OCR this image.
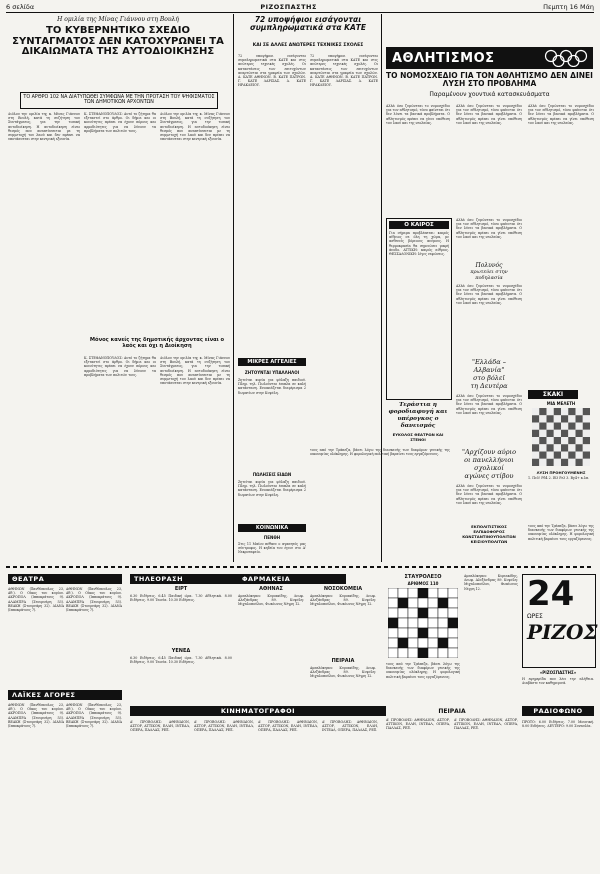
6 σελίδα	ΡΙΖΟΣΠΑΣΤΗΣ	Πεμπτη 16 Μάη
Η ομιλία της Μίνας Γιάννου στη Βουλή
ΤΟ ΚΥΒΕΡΝΗΤΙΚΟ ΣΧΕΔΙΟ ΣΥΝΤΑΓΜΑΤΟΣ ΔΕΝ ΚΑΤΟΧΥΡΩΝΕΙ ΤΑ ΔΙΚΑΙΩΜΑΤΑ ΤΗΣ ΑΥΤΟΔΙΟΙΚΗΣΗΣ
ΤΟ ΑΡΘΡΟ 102 ΝΑ ΔΙΑΤΥΠΩΘΕΙ ΣΥΜΦΩΝΑ ΜΕ ΤΗΝ ΠΡΟΤΑΣΗ ΤΟΥ ΨΗΦΙΣΜΑΤΟΣ ΤΩΝ ΔΗΜΟΤΙΚΩΝ ΑΡΧΟΝΤΩΝ
Διόλου την ομιλία της κ. Μίνας Γιάννου στη Βουλή, κατά τη συζήτηση του Συντάγματος, για την τοπική αυτοδιοίκηση. Η αυτοδιοίκηση είναι θεσμός που αναπτύσσεται με τη συμμετοχή του λαού και δεν πρέπει να υποτάσσεται στην κεντρική εξουσία.
Κ. ΣΤΕΦΑΝΟΠΟΥΛΟΣ: Αυτό το ζήτημα θα εξεταστεί στο άρθρο. Οι δήμοι και οι κοινότητες πρέπει να έχουν πόρους και αρμοδιότητες για να λύνουν τα προβλήματα των πολιτών τους.
Διόλου την ομιλία της κ. Μίνας Γιάννου στη Βουλή, κατά τη συζήτηση του Συντάγματος, για την τοπική αυτοδιοίκηση. Η αυτοδιοίκηση είναι θεσμός που αναπτύσσεται με τη συμμετοχή του λαού και δεν πρέπει να υποτάσσεται στην κεντρική εξουσία.
Μόνος κανείς της δημοτικής άρχοντας είναι ο λαός και όχι η Διοίκηση
Κ. ΣΤΕΦΑΝΟΠΟΥΛΟΣ: Αυτό το ζήτημα θα εξεταστεί στο άρθρο. Οι δήμοι και οι κοινότητες πρέπει να έχουν πόρους και αρμοδιότητες για να λύνουν τα προβλήματα των πολιτών τους.
Διόλου την ομιλία της κ. Μίνας Γιάννου στη Βουλή, κατά τη συζήτηση του Συντάγματος, για την τοπική αυτοδιοίκηση. Η αυτοδιοίκηση είναι θεσμός που αναπτύσσεται με τη συμμετοχή του λαού και δεν πρέπει να υποτάσσεται στην κεντρική εξουσία.
72 υποψήφιοι εισάγονται συμπληρωματικά στα ΚΑΤΕ
ΚΑΙ ΣΕ ΑΛΛΕΣ ΑΝΩΤΕΡΕΣ ΤΕΧΝΙΚΕΣ ΣΧΟΛΕΣ
72 υποψήφιοι εισάγονται συμπληρωματικά στα ΚΑΤΕ και στις ανώτερες τεχνικές σχολές. Οι καταστάσεις των επιτυχόντων αναρτώνται στα γραφεία των σχολών. Α. ΚΑΤΕ ΑΘΗΝΩΝ. Β. ΚΑΤΕ ΠΑΤΡΩΝ. Γ. ΚΑΤΕ ΛΑΡΙΣΑΣ. Δ. ΚΑΤΕ ΗΡΑΚΛΕΙΟΥ.
72 υποψήφιοι εισάγονται συμπληρωματικά στα ΚΑΤΕ και στις ανώτερες τεχνικές σχολές. Οι καταστάσεις των επιτυχόντων αναρτώνται στα γραφεία των σχολών. Α. ΚΑΤΕ ΑΘΗΝΩΝ. Β. ΚΑΤΕ ΠΑΤΡΩΝ. Γ. ΚΑΤΕ ΛΑΡΙΣΑΣ. Δ. ΚΑΤΕ ΗΡΑΚΛΕΙΟΥ.
ΜΙΚΡΕΣ ΑΓΓΕΛΙΕΣ
ΖΗΤΟΥΝΤΑΙ ΥΠΑΛΛΗΛΟΙ
Ζητείται κυρία για φύλαξη παιδιού. Πληρ. τηλ. Πωλούνται έπιπλα σε καλή κατάσταση. Ενοικιάζεται διαμέρισμα 2 δωματίων στην Κυψέλη.
ΠΩΛΗΣΕΙΣ ΕΙΔΩΝ
Ζητείται κυρία για φύλαξη παιδιού. Πληρ. τηλ. Πωλούνται έπιπλα σε καλή κατάσταση. Ενοικιάζεται διαμέρισμα 2 δωματίων στην Κυψέλη.
ΚΟΙΝΩΝΙΚΑ
ΠΕΝΘΗ
Στις 11 Μαΐου πέθανε ο αγαπητός μας σύντροφος. Η κηδεία του έγινε στο Α' Νεκροταφείο.
ΑΘΛΗΤΙΣΜΟΣ
ΤΟ ΝΟΜΟΣΧΕΔΙΟ ΓΙΑ ΤΟΝ ΑΘΛΗΤΙΣΜΟ ΔΕΝ ΔΙΝΕΙ ΛΥΣΗ ΣΤΟ ΠΡΟΒΛΗΜΑ
Παραμένουν χουντικά κατασκευάσματα
Αλλά όσο ζυμώνεται το νομοσχέδιο για τον αθλητισμό, τόσο φαίνεται ότι δεν λύνει τα βασικά προβλήματα. Ο αθλητισμός πρέπει να γίνει υπόθεση του λαού και της νεολαίας.
Αλλά όσο ζυμώνεται το νομοσχέδιο για τον αθλητισμό, τόσο φαίνεται ότι δεν λύνει τα βασικά προβλήματα. Ο αθλητισμός πρέπει να γίνει υπόθεση του λαού και της νεολαίας.
Αλλά όσο ζυμώνεται το νομοσχέδιο για τον αθλητισμό, τόσο φαίνεται ότι δεν λύνει τα βασικά προβλήματα. Ο αθλητισμός πρέπει να γίνει υπόθεση του λαού και της νεολαίας.
Ο ΚΑΙΡΟΣ
Για σήμερα προβλέπεται: καιρός αίθριος σε όλη τη χώρα, με ασθενείς βόρειους ανέμους. Η θερμοκρασία θα σημειώσει μικρή άνοδο. ΑΤΤΙΚΗ: καιρός αίθριος. ΘΕΣΣΑΛΟΝΙΚΗ: λίγες νεφώσεις.
Αλλά όσο ζυμώνεται το νομοσχέδιο για τον αθλητισμό, τόσο φαίνεται ότι δεν λύνει τα βασικά προβλήματα. Ο αθλητισμός πρέπει να γίνει υπόθεση του λαού και της νεολαίας.
Πολυνός
πρωτεύει στην ποδηλασία
Αλλά όσο ζυμώνεται το νομοσχέδιο για τον αθλητισμό, τόσο φαίνεται ότι δεν λύνει τα βασικά προβλήματα. Ο αθλητισμός πρέπει να γίνει υπόθεση του λαού και της νεολαίας.
"Ελλάδα –
Αλβανία"
στο βόλεϊ
τη Δευτέρα
Αλλά όσο ζυμώνεται το νομοσχέδιο για τον αθλητισμό, τόσο φαίνεται ότι δεν λύνει τα βασικά προβλήματα. Ο αθλητισμός πρέπει να γίνει υπόθεση του λαού και της νεολαίας.
"Αρχίζουν αύριο
οι πανελλήνιοι
σχολικοί
αγώνες στίβου
Αλλά όσο ζυμώνεται το νομοσχέδιο για τον αθλητισμό, τόσο φαίνεται ότι δεν λύνει τα βασικά προβλήματα. Ο αθλητισμός πρέπει να γίνει υπόθεση του λαού και της νεολαίας.
ΣΚΑΚΙ
ΜΙΑ ΜΕΛΕΤΗ
ΛΥΣΗ ΠΡΟΗΓΟΥΜΕΝΗΣ
1. Πε5! Ρδ4 2. Ιδ3 Ρε3 3. Βγ4+ κ.λπ.
Τεράστια η φοροδιαφυγή και υπέρογκος ο δανεισμός
ΕΥΚΟΛΟΣ ΘΕΑΤΡΩΝ ΚΑΙ ΣΤΕΝΟΙ
τους από την Τράπεζα, βάσει λόγω της διασκευής των διαφόρων γενικής της οικονομίας ολόκληρης. Η φορολογική πολιτική βαραίνει τους εργαζόμενους.
ΕΚΠΟΛΙΤΙΣΤΙΚΟΣ ΕΛΠΙΔΟΦΟΡΟΣ
ΚΩΝΣΤΑΝΤΙΝΟΥΠΟΛΙΤΩΝ
ΚΕΙΣΙΟΥΠΟΛΙΤΩΝ
τους από την Τράπεζα, βάσει λόγω της διασκευής των διαφόρων γενικής της οικονομίας ολόκληρης. Η φορολογική πολιτική βαραίνει τους εργαζόμενους.
ΘΕΑΤΡΑ
ΑΘΗΝΩΝ (Ξανθόπουλος 23, Αθ.). Ο Οίκος του κυρίου. ΑΚΡΟΠΟΛ (Ιπποκράτους 9). ΑΛΑΜΠΡΑ (Στουρνάρη 53). ΒΕΑΚΗ (Στουρνάρη 32). ΔΙΑΝΑ (Ιπποκράτους 7).
ΑΘΗΝΩΝ (Ξανθόπουλος 23, Αθ.). Ο Οίκος του κυρίου. ΑΚΡΟΠΟΛ (Ιπποκράτους 9). ΑΛΑΜΠΡΑ (Στουρνάρη 53). ΒΕΑΚΗ (Στουρνάρη 32). ΔΙΑΝΑ (Ιπποκράτους 7).
ΛΑΪΚΕΣ ΑΓΟΡΕΣ
ΑΘΗΝΩΝ (Ξανθόπουλος 23, Αθ.). Ο Οίκος του κυρίου. ΑΚΡΟΠΟΛ (Ιπποκράτους 9). ΑΛΑΜΠΡΑ (Στουρνάρη 53). ΒΕΑΚΗ (Στουρνάρη 32). ΔΙΑΝΑ (Ιπποκράτους 7).
ΑΘΗΝΩΝ (Ξανθόπουλος 23, Αθ.). Ο Οίκος του κυρίου. ΑΚΡΟΠΟΛ (Ιπποκράτους 9). ΑΛΑΜΠΡΑ (Στουρνάρη 53). ΒΕΑΚΗ (Στουρνάρη 32). ΔΙΑΝΑ (Ιπποκράτους 7).
ΤΗΛΕΟΡΑΣΗ
ΕΙΡΤ
6.30 Ειδήσεις. 6.45 Παιδική ώρα. 7.30 Αθλητικά. 8.00 Ειδήσεις. 9.00 Ταινία. 10.30 Ειδήσεις.
ΥΕΝΕΔ
6.30 Ειδήσεις. 6.45 Παιδική ώρα. 7.30 Αθλητικά. 8.00 Ειδήσεις. 9.00 Ταινία. 10.30 Ειδήσεις.
ΦΑΡΜΑΚΕΙΑ
ΑΘΗΝΑΣ
Αμπελόκηποι: Κυριακίδης, Λεωφ. Αλεξάνδρας 89. Κυψέλη: Μιχαλοπούλου, Φωκίωνος Νέγρη 12.
ΝΟΣΟΚΟΜΕΙΑ
Αμπελόκηποι: Κυριακίδης, Λεωφ. Αλεξάνδρας 89. Κυψέλη: Μιχαλοπούλου, Φωκίωνος Νέγρη 12.
ΠΕΙΡΑΙΑ
Αμπελόκηποι: Κυριακίδης, Λεωφ. Αλεξάνδρας 89. Κυψέλη: Μιχαλοπούλου, Φωκίωνος Νέγρη 12.
ΣΤΑΥΡΟΛΕΞΟ
ΑΡΙΘΜΟΣ 110
τους από την Τράπεζα, βάσει λόγω της διασκευής των διαφόρων γενικής της οικονομίας ολόκληρης. Η φορολογική πολιτική βαραίνει τους εργαζόμενους.
Αμπελόκηποι: Κυριακίδης, Λεωφ. Αλεξάνδρας 89. Κυψέλη: Μιχαλοπούλου, Φωκίωνος Νέγρη 12.	24
ΩΡΕΣ
ΡΙΖΟΣ
«ΡΙΖΟΣΠΑΣΤΗΣ»
Η εφημερίδα που λέει την αλήθεια. Διαβάστε τον καθημερινά.
ΚΙΝΗΜΑΤΟΓΡΑΦΟΙ
Α' ΠΡΟΒΟΛΗΣ: ΑΘΗΝΑΙΟΝ, ΑΣΤΟΡ, ΑΤΤΙΚΟΝ, ΕΛΛΗ, ΙΝΤΕΑΛ, ΟΠΕΡΑ, ΠΑΛΛΑΣ, ΡΕΞ.
Α' ΠΡΟΒΟΛΗΣ: ΑΘΗΝΑΙΟΝ, ΑΣΤΟΡ, ΑΤΤΙΚΟΝ, ΕΛΛΗ, ΙΝΤΕΑΛ, ΟΠΕΡΑ, ΠΑΛΛΑΣ, ΡΕΞ.
Α' ΠΡΟΒΟΛΗΣ: ΑΘΗΝΑΙΟΝ, ΑΣΤΟΡ, ΑΤΤΙΚΟΝ, ΕΛΛΗ, ΙΝΤΕΑΛ, ΟΠΕΡΑ, ΠΑΛΛΑΣ, ΡΕΞ.
Α' ΠΡΟΒΟΛΗΣ: ΑΘΗΝΑΙΟΝ, ΑΣΤΟΡ, ΑΤΤΙΚΟΝ, ΕΛΛΗ, ΙΝΤΕΑΛ, ΟΠΕΡΑ, ΠΑΛΛΑΣ, ΡΕΞ.
ΠΕΙΡΑΙΑ
Α' ΠΡΟΒΟΛΗΣ: ΑΘΗΝΑΙΟΝ, ΑΣΤΟΡ, ΑΤΤΙΚΟΝ, ΕΛΛΗ, ΙΝΤΕΑΛ, ΟΠΕΡΑ, ΠΑΛΛΑΣ, ΡΕΞ.
Α' ΠΡΟΒΟΛΗΣ: ΑΘΗΝΑΙΟΝ, ΑΣΤΟΡ, ΑΤΤΙΚΟΝ, ΕΛΛΗ, ΙΝΤΕΑΛ, ΟΠΕΡΑ, ΠΑΛΛΑΣ, ΡΕΞ.
ΡΑΔΙΟΦΩΝΟ
ΠΡΩΤΟ: 6.00 Ειδήσεις. 7.00 Μουσική. 8.00 Ειδήσεις. ΔΕΥΤΕΡΟ: 9.00 Συναυλία.
